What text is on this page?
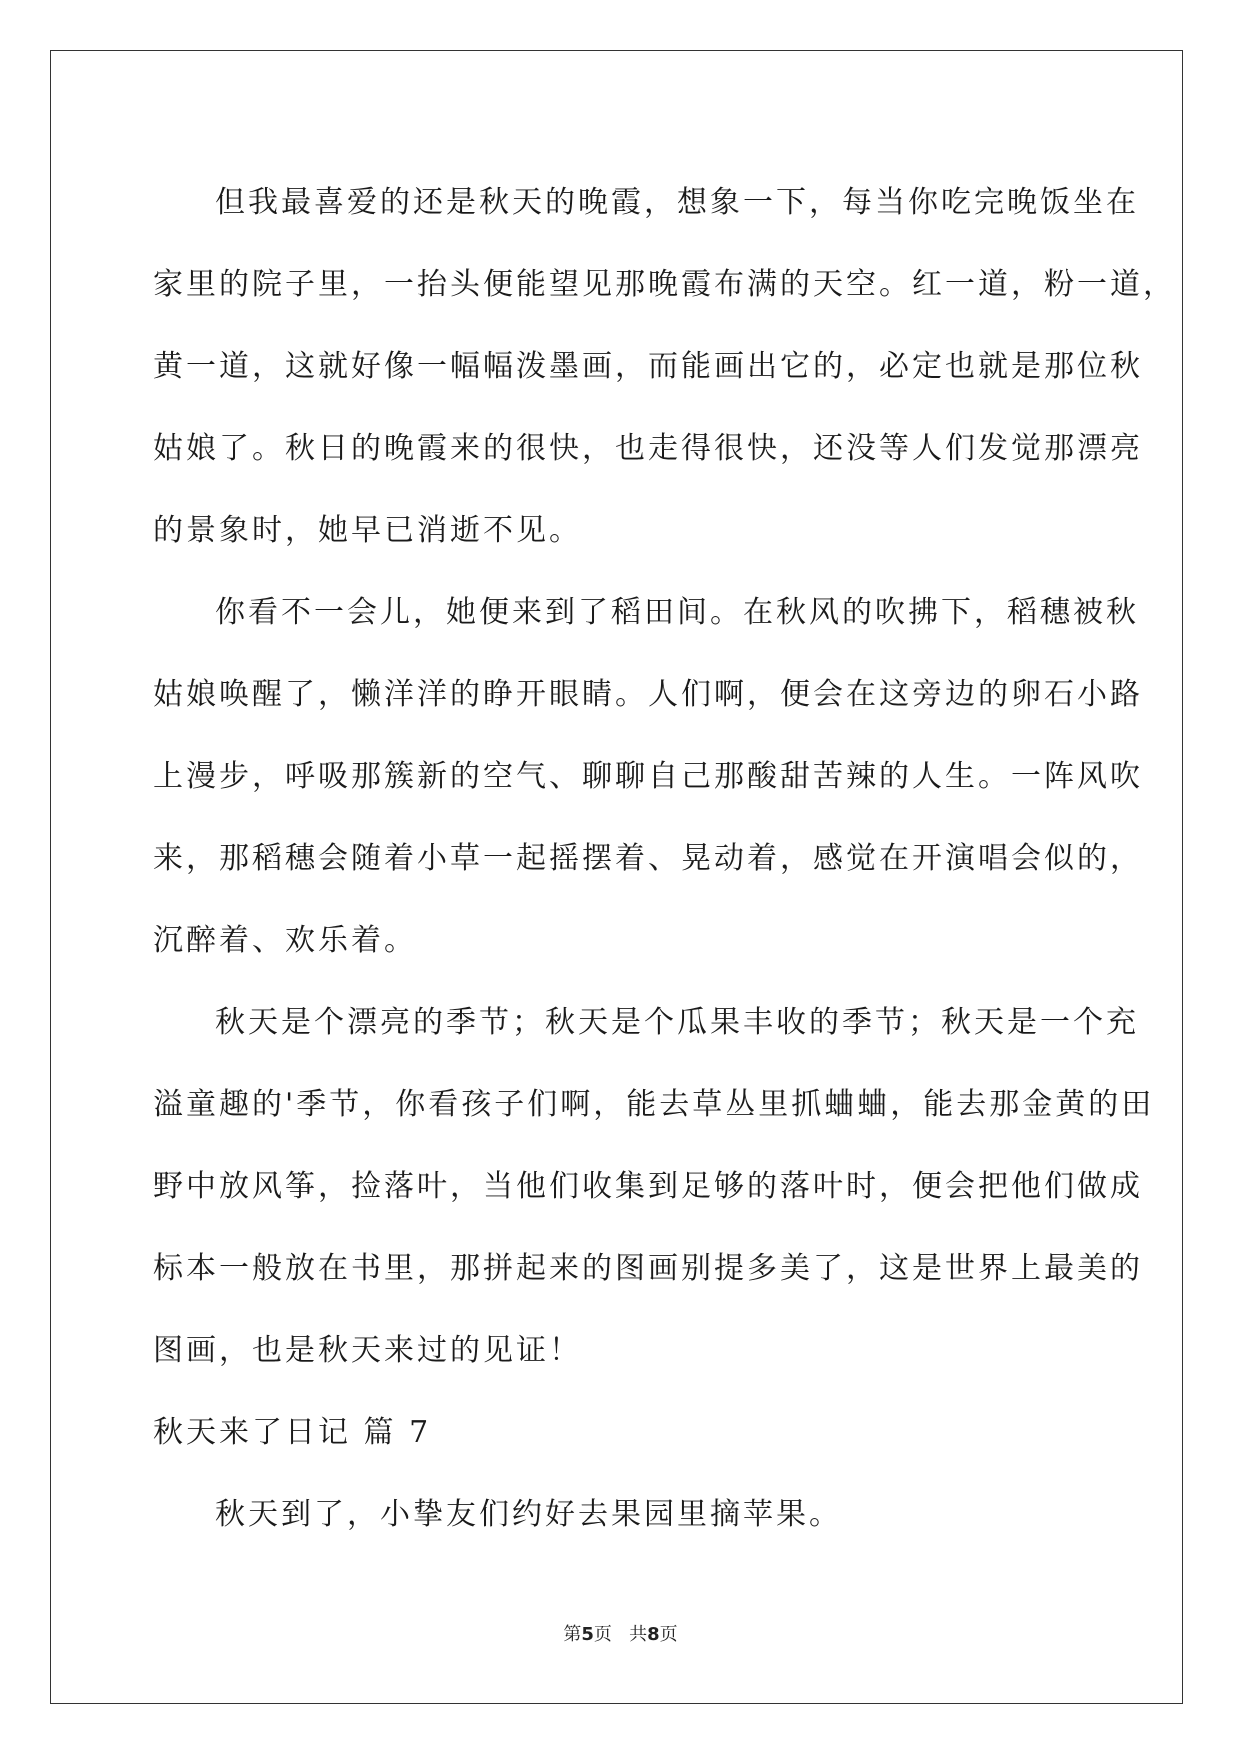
但我最喜爱的还是秋天的晚霞，想象一下，每当你吃完晚饭坐在
家里的院子里，一抬头便能望见那晚霞布满的天空。红一道，粉一道，
黄一道，这就好像一幅幅泼墨画，而能画出它的，必定也就是那位秋
姑娘了。秋日的晚霞来的很快，也走得很快，还没等人们发觉那漂亮
的景象时，她早已消逝不见。
你看不一会儿，她便来到了稻田间。在秋风的吹拂下，稻穗被秋
姑娘唤醒了，懒洋洋的睁开眼睛。人们啊，便会在这旁边的卵石小路
上漫步，呼吸那簇新的空气、聊聊自己那酸甜苦辣的人生。一阵风吹
来，那稻穗会随着小草一起摇摆着、晃动着，感觉在开演唱会似的，
沉醉着、欢乐着。
秋天是个漂亮的季节；秋天是个瓜果丰收的季节；秋天是一个充
溢童趣的'季节，你看孩子们啊，能去草丛里抓蛐蛐，能去那金黄的田
野中放风筝，捡落叶，当他们收集到足够的落叶时，便会把他们做成
标本一般放在书里，那拼起来的图画别提多美了，这是世界上最美的
图画，也是秋天来过的见证！
秋天来了日记 篇 7
秋天到了，小挚友们约好去果园里摘苹果。
第5页   共8页
